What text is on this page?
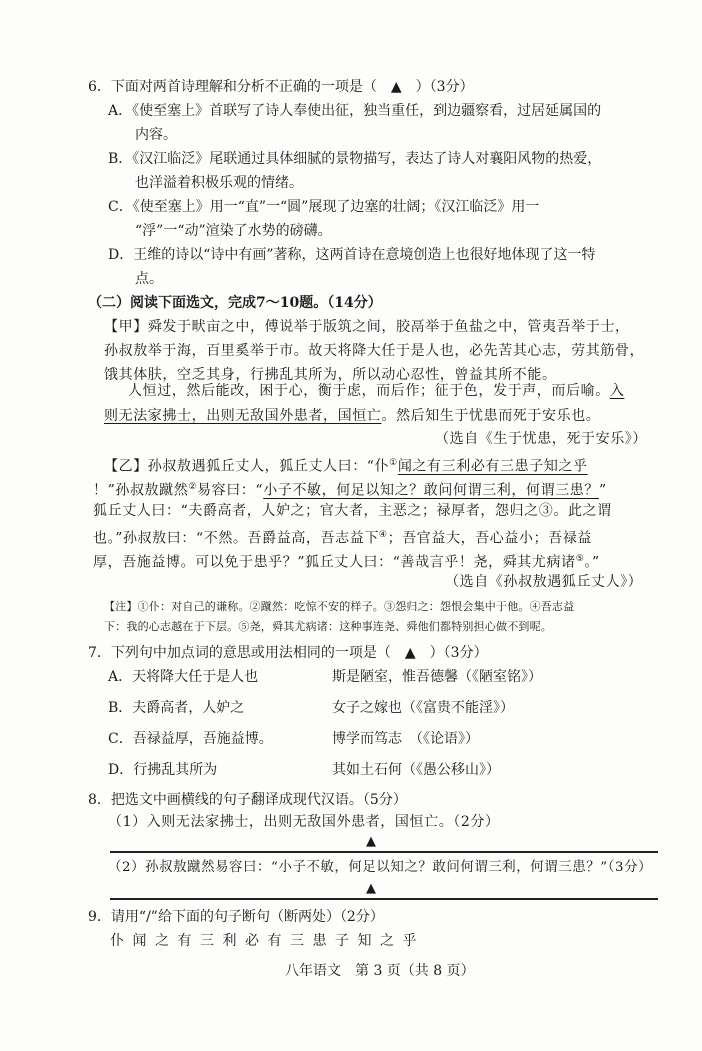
6．下面对两首诗理解和分析不正确的一项是（　▲　）（3分）
A．《使至塞上》首联写了诗人奉使出征，独当重任，到边疆察看，过居延属国的
内容。
B．《汉江临泛》尾联通过具体细腻的景物描写，表达了诗人对襄阳风物的热爱，
也洋溢着积极乐观的情绪。
C．《使至塞上》用一“直”一“圆”展现了边塞的壮阔；《汉江临泛》用一
“浮”一“动”渲染了水势的磅礴。
D．王维的诗以“诗中有画”著称，这两首诗在意境创造上也很好地体现了这一特
点。
（二）阅读下面选文，完成7～10题。（14分）
【甲】舜发于畎亩之中，傅说举于版筑之间，胶鬲举于鱼盐之中，管夷吾举于士，
孙叔敖举于海，百里奚举于市。故天将降大任于是人也，必先苦其心志，劳其筋骨，
饿其体肤，空乏其身，行拂乱其所为，所以动心忍性，曾益其所不能。
人恒过，然后能改，困于心，衡于虑，而后作；征于色，发于声，而后喻。入
则无法家拂士，出则无敌国外患者，国恒亡。然后知生于忧患而死于安乐也。
（选自《生于忧患，死于安乐》）
【乙】孙叔敖遇狐丘丈人，狐丘丈人曰：“仆①闻之有三利必有三患子知之乎
！”孙叔敖蹴然②易容曰：“小子不敏，何足以知之？敢问何谓三利，何谓三患？”
狐丘丈人曰：“夫爵高者，人妒之；官大者，主恶之；禄厚者，怨归之③。此之谓
也。”孙叔敖曰：“不然。吾爵益高，吾志益下④；吾官益大，吾心益小；吾禄益
厚，吾施益博。可以免于患乎？”狐丘丈人曰：“善哉言乎！尧，舜其尤病诸⑤。”
（选自《孙叔敖遇狐丘丈人》）
【注】①仆：对自己的谦称。②蹴然：吃惊不安的样子。③怨归之：怨恨会集中于他。④吾志益
下：我的心志越在于下层。⑤尧，舜其尤病诸：这种事连尧、舜他们都特别担心做不到呢。
7．下列句中加点词的意思或用法相同的一项是（　▲　）（3分）
A．天将降大任于是人也	斯是陋室，惟吾德馨（《陋室铭》）
B．夫爵高者，人妒之	女子之嫁也（《富贵不能淫》）
C．吾禄益厚，吾施益博。	博学而笃志　（《论语》）
D．行拂乱其所为	其如土石何（《愚公移山》）
8．把选文中画横线的句子翻译成现代汉语。（5分）
（1）入则无法家拂士，出则无敌国外患者，国恒亡。（2分）
▲
（2）孙叔敖蹴然易容曰：“小子不敏，何足以知之？敢问何谓三利，何谓三患？”（3分）
▲
9．请用“/”给下面的句子断句（断两处）（2分）
仆闻之有三利必有三患子知之乎
八年语文　第 3 页（共 8 页）
